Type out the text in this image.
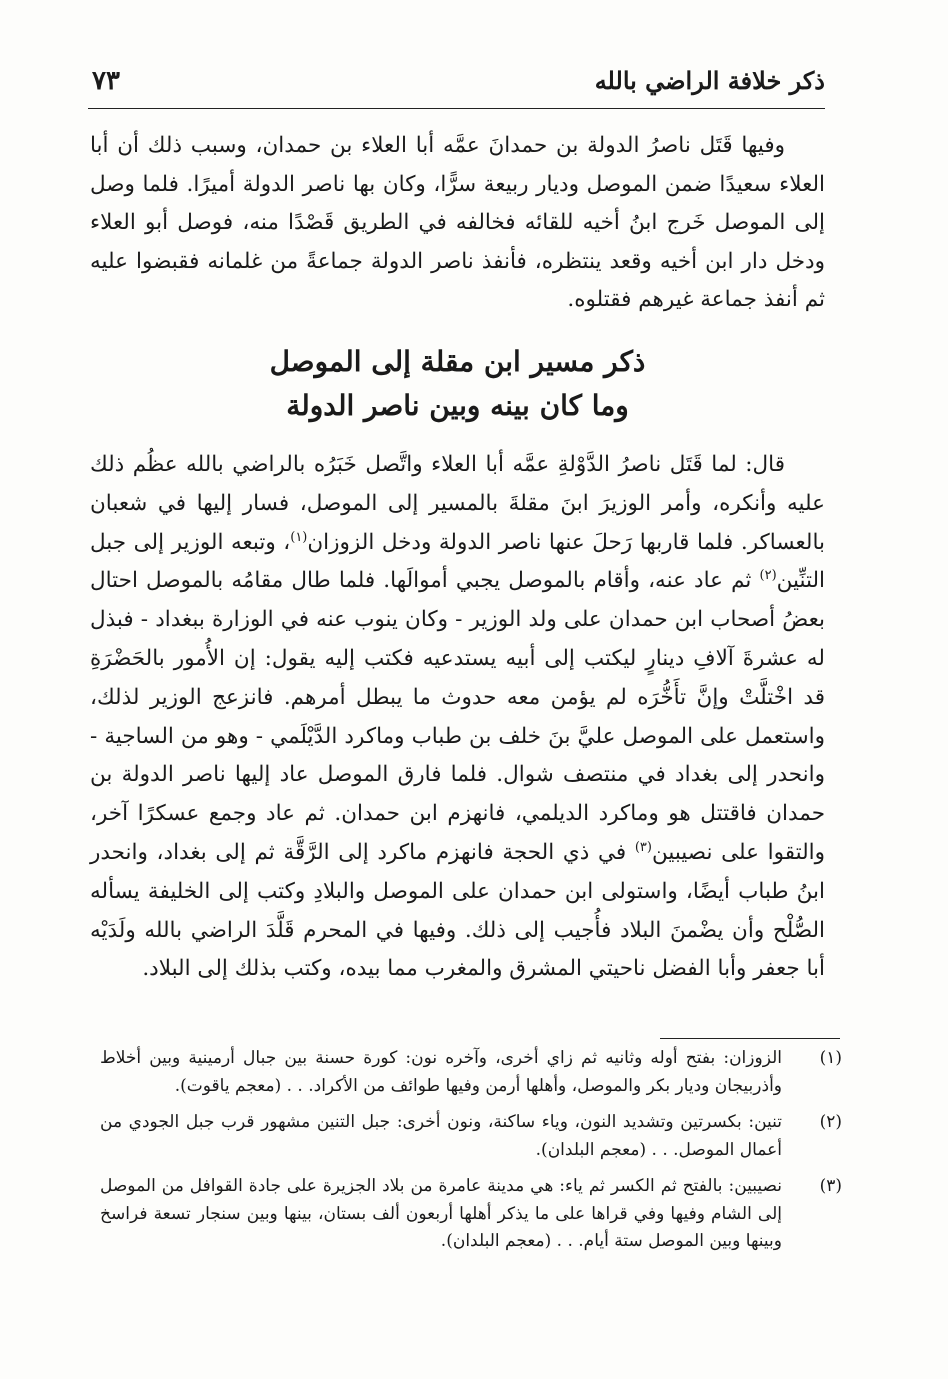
ذكر خلافة الراضي بالله
٧٣

وفيها قَتَل ناصرُ الدولة بن حمدانَ عمَّه أبا العلاء بن حمدان، وسبب ذلك أن أبا العلاء سعيدًا ضمن الموصل وديار ربيعة سرًّا، وكان بها ناصر الدولة أميرًا. فلما وصل إلى الموصل خَرج ابنُ أخيه للقائه فخالفه في الطريق قَصْدًا منه، فوصل أبو العلاء ودخل دار ابن أخيه وقعد ينتظره، فأنفذ ناصر الدولة جماعةً من غلمانه فقبضوا عليه ثم أنفذ جماعة غيرهم فقتلوه.

ذكر مسير ابن مقلة إلى الموصل
وما كان بينه وبين ناصر الدولة

قال: لما قَتَل ناصرُ الدَّوْلةِ عمَّه أبا العلاء واتَّصل خَبَرُه بالراضي بالله عظُم ذلك عليه وأنكره، وأمر الوزيرَ ابنَ مقلةَ بالمسير إلى الموصل، فسار إليها في شعبان بالعساكر. فلما قاربها رَحلَ عنها ناصر الدولة ودخل الزوزان$^{(١)}$، وتبعه الوزير إلى جبل التنِّين$^{(٢)}$ ثم عاد عنه، وأقام بالموصل يجبي أموالَها. فلما طال مقامُه بالموصل احتال بعضُ أصحاب ابن حمدان على ولد الوزير - وكان ينوب عنه في الوزارة ببغداد - فبذل له عشرةَ آلافِ دينارٍ ليكتب إلى أبيه يستدعيه فكتب إليه يقول: إن الأُمور بالحَضْرَةِ قد اخْتلَّتْ وإنَّ تأَخُّرَه لم يؤمن معه حدوث ما يبطل أمرهم. فانزعج الوزير لذلك، واستعمل على الموصل عليَّ بنَ خلف بن طباب وماكرد الدَّيْلَمي - وهو من الساجية - وانحدر إلى بغداد في منتصف شوال. فلما فارق الموصل عاد إليها ناصر الدولة بن حمدان فاقتتل هو وماكرد الديلمي، فانهزم ابن حمدان. ثم عاد وجمع عسكرًا آخر، والتقوا على نصيبين$^{(٣)}$ في ذي الحجة فانهزم ماكرد إلى الرَّقَّة ثم إلى بغداد، وانحدر ابنُ طباب أيضًا، واستولى ابن حمدان على الموصل والبلادِ وكتب إلى الخليفة يسأله الصُّلْح وأن يضْمنَ البلاد فأُجيب إلى ذلك. وفيها في المحرم قَلَّدَ الراضي بالله ولَدَيْه أبا جعفر وأبا الفضل ناحيتي المشرق والمغرب مما بيده، وكتب بذلك إلى البلاد.

(١)
الزوزان: بفتح أوله وثانيه ثم زاي أخرى، وآخره نون: كورة حسنة بين جبال أرمينية وبين أخلاط وأذربيجان وديار بكر والموصل، وأهلها أرمن وفيها طوائف من الأكراد. . . (معجم ياقوت).
(٢)
تنين: بكسرتين وتشديد النون، وياء ساكنة، ونون أخرى: جبل التنين مشهور قرب جبل الجودي من أعمال الموصل. . . (معجم البلدان).
(٣)
نصيبين: بالفتح ثم الكسر ثم ياء: هي مدينة عامرة من بلاد الجزيرة على جادة القوافل من الموصل إلى الشام وفيها وفي قراها على ما يذكر أهلها أربعون ألف بستان، بينها وبين سنجار تسعة فراسخ وبينها وبين الموصل ستة أيام. . . (معجم البلدان).
